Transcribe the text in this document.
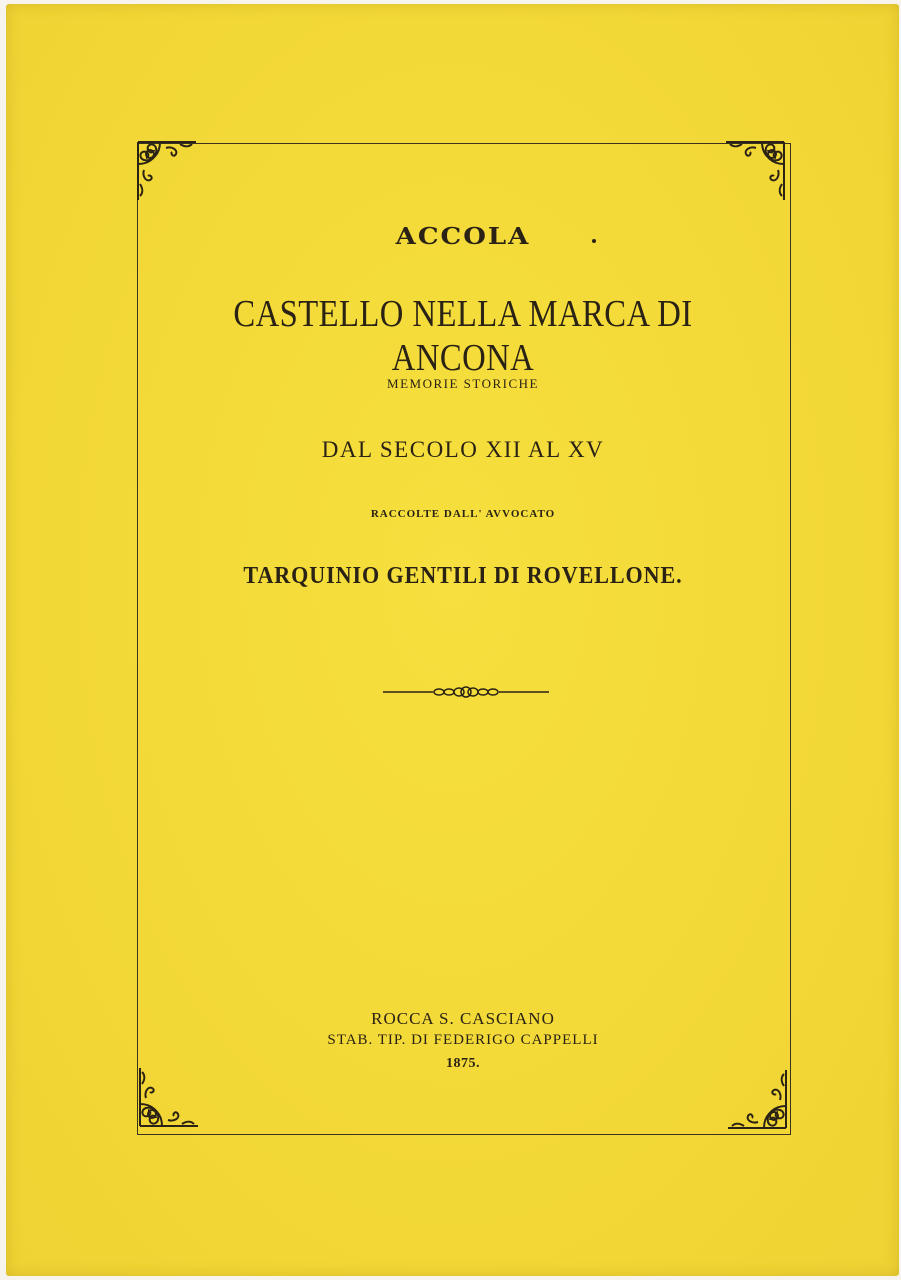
ACCOLA
CASTELLO NELLA MARCA DI ANCONA
MEMORIE STORICHE
DAL SECOLO XII AL XV
RACCOLTE DALL' AVVOCATO
TARQUINIO GENTILI DI ROVELLONE.
ROCCA S. CASCIANO
STAB. TIP. DI FEDERIGO CAPPELLI
1875.
